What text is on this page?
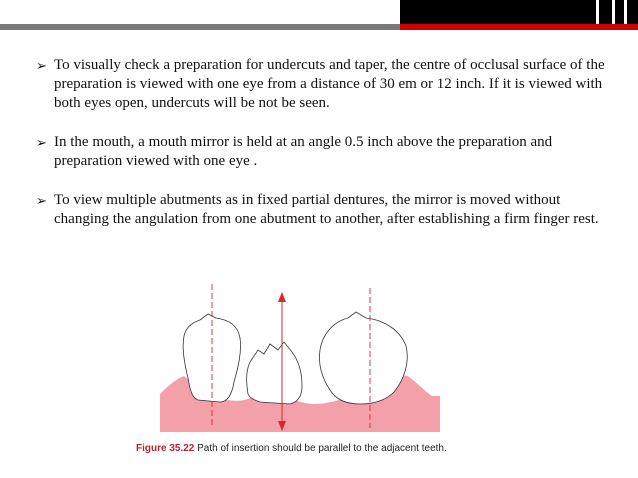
➢ To visually check a preparation for undercuts and taper, the centre of occlusal surface of the preparation is viewed with one eye from a distance of 30 em or 12 inch. If it is viewed with both eyes open, undercuts will be not be seen.
➢ In the mouth, a mouth mirror is held at an angle 0.5 inch above the preparation and preparation viewed with one eye .
➢ To view multiple abutments as in fixed partial dentures, the mirror is moved without changing the angulation from one abutment to another, after establishing a firm finger rest.
Figure 35.22 Path of insertion should be parallel to the adjacent teeth.
